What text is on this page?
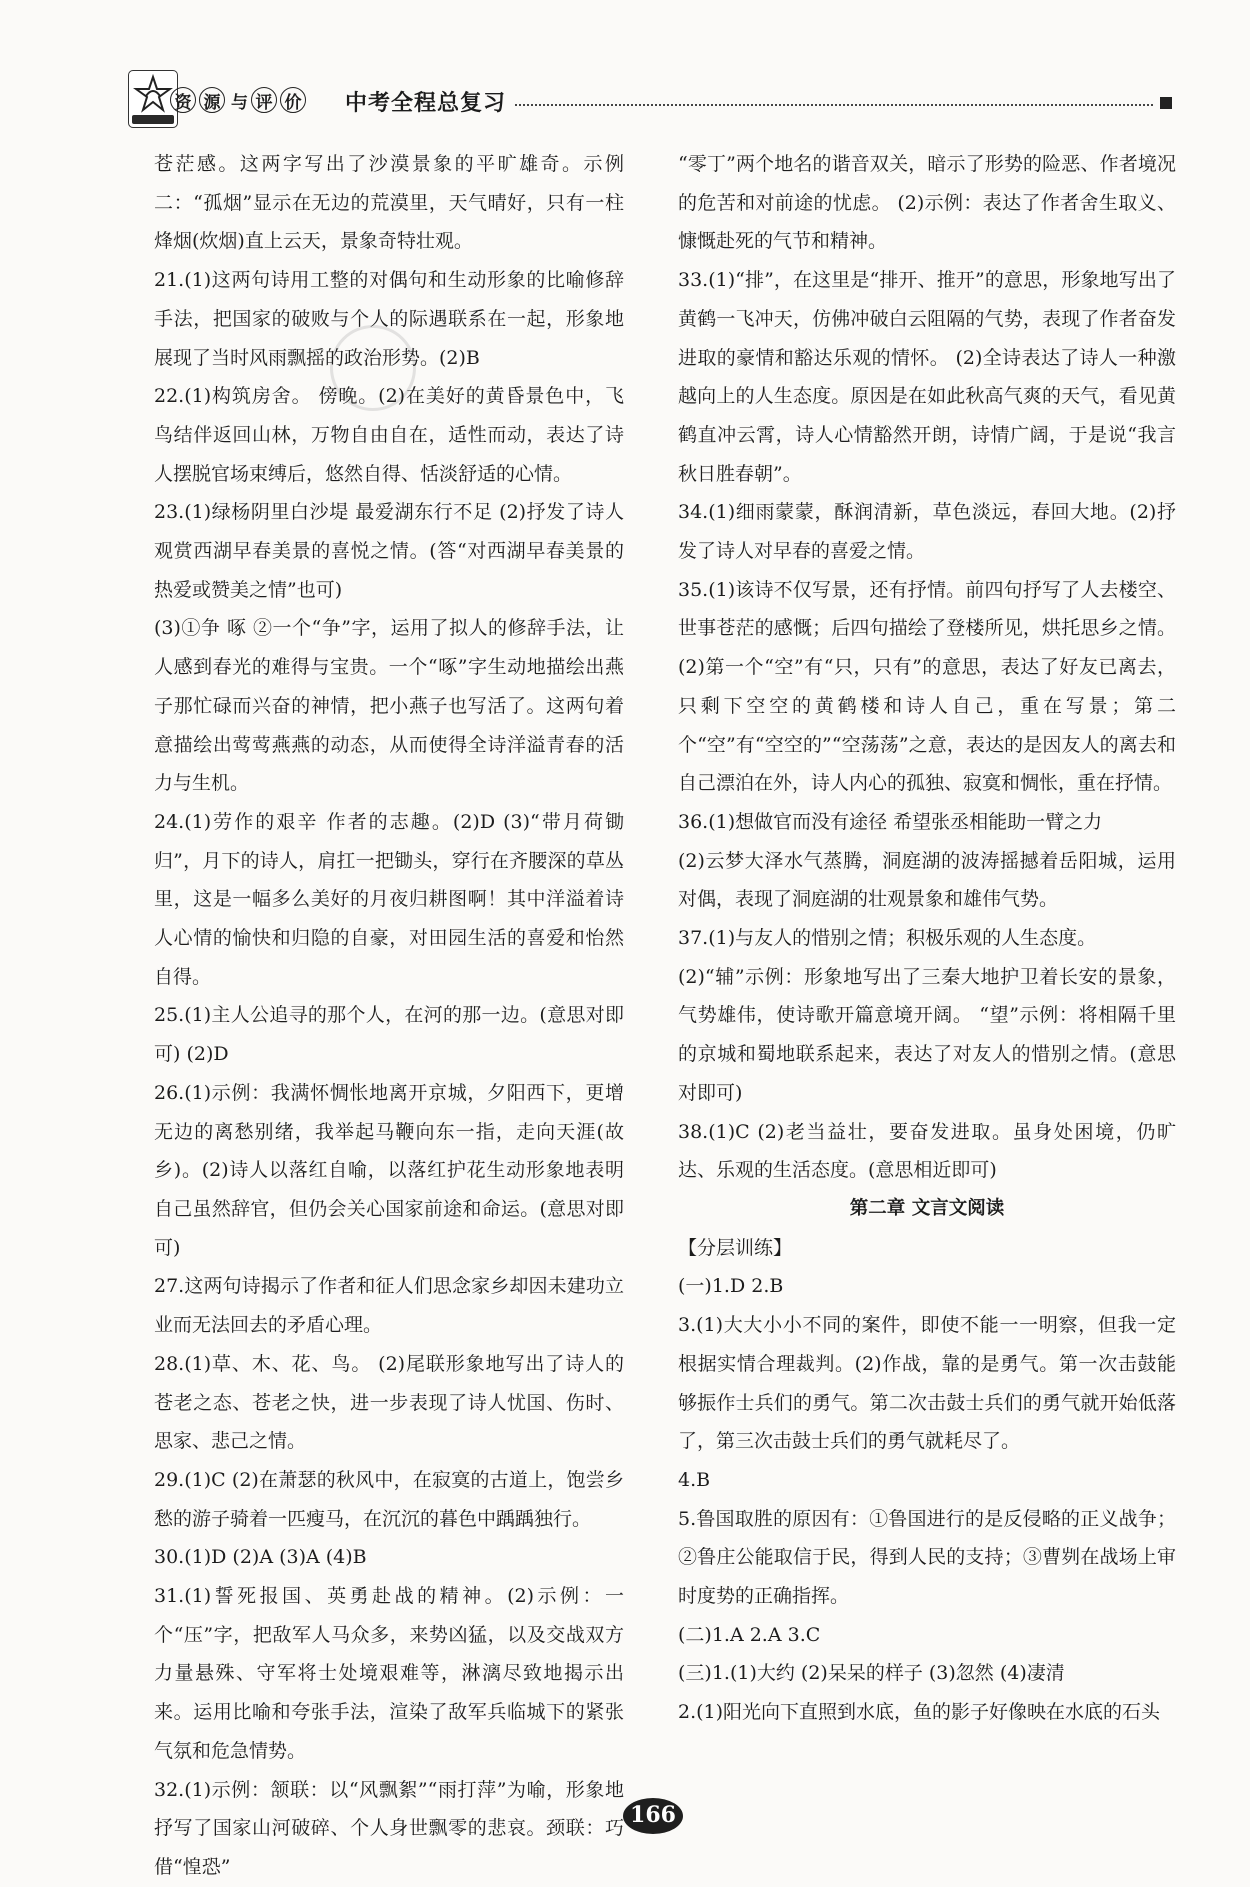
资 源 与 评 价 中考全程总复习

苍茫感。这两字写出了沙漠景象的平旷雄奇。示例二：“孤烟”显示在无边的荒漠里，天气晴好，只有一柱烽烟(炊烟)直上云天，景象奇特壮观。

21.(1)这两句诗用工整的对偶句和生动形象的比喻修辞手法，把国家的破败与个人的际遇联系在一起，形象地展现了当时风雨飘摇的政治形势。(2)B

22.(1)构筑房舍。 傍晚。(2)在美好的黄昏景色中，飞鸟结伴返回山林，万物自由自在，适性而动，表达了诗人摆脱官场束缚后，悠然自得、恬淡舒适的心情。

23.(1)绿杨阴里白沙堤 最爱湖东行不足 (2)抒发了诗人观赏西湖早春美景的喜悦之情。(答“对西湖早春美景的热爱或赞美之情”也可)

(3)①争 啄 ②一个“争”字，运用了拟人的修辞手法，让人感到春光的难得与宝贵。一个“啄”字生动地描绘出燕子那忙碌而兴奋的神情，把小燕子也写活了。这两句着意描绘出莺莺燕燕的动态，从而使得全诗洋溢青春的活力与生机。

24.(1)劳作的艰辛 作者的志趣。(2)D (3)“带月荷锄归”，月下的诗人，肩扛一把锄头，穿行在齐腰深的草丛里，这是一幅多么美好的月夜归耕图啊！其中洋溢着诗人心情的愉快和归隐的自豪，对田园生活的喜爱和怡然自得。

25.(1)主人公追寻的那个人，在河的那一边。(意思对即可) (2)D

26.(1)示例：我满怀惆怅地离开京城，夕阳西下，更增无边的离愁别绪，我举起马鞭向东一指，走向天涯(故乡)。(2)诗人以落红自喻，以落红护花生动形象地表明自己虽然辞官，但仍会关心国家前途和命运。(意思对即可)

27.这两句诗揭示了作者和征人们思念家乡却因未建功立业而无法回去的矛盾心理。

28.(1)草、木、花、鸟。 (2)尾联形象地写出了诗人的苍老之态、苍老之快，进一步表现了诗人忧国、伤时、思家、悲己之情。

29.(1)C (2)在萧瑟的秋风中，在寂寞的古道上，饱尝乡愁的游子骑着一匹瘦马，在沉沉的暮色中踽踽独行。

30.(1)D (2)A (3)A (4)B

31.(1)誓死报国、英勇赴战的精神。(2)示例：一个“压”字，把敌军人马众多，来势凶猛，以及交战双方力量悬殊、守军将士处境艰难等，淋漓尽致地揭示出来。运用比喻和夸张手法，渲染了敌军兵临城下的紧张气氛和危急情势。

32.(1)示例：颔联：以“风飘絮”“雨打萍”为喻，形象地抒写了国家山河破碎、个人身世飘零的悲哀。颈联：巧借“惶恐”

“零丁”两个地名的谐音双关，暗示了形势的险恶、作者境况的危苦和对前途的忧虑。 (2)示例：表达了作者舍生取义、慷慨赴死的气节和精神。

33.(1)“排”，在这里是“排开、推开”的意思，形象地写出了黄鹤一飞冲天，仿佛冲破白云阻隔的气势，表现了作者奋发进取的豪情和豁达乐观的情怀。 (2)全诗表达了诗人一种激越向上的人生态度。原因是在如此秋高气爽的天气，看见黄鹤直冲云霄，诗人心情豁然开朗，诗情广阔，于是说“我言秋日胜春朝”。

34.(1)细雨蒙蒙，酥润清新，草色淡远，春回大地。(2)抒发了诗人对早春的喜爱之情。

35.(1)该诗不仅写景，还有抒情。前四句抒写了人去楼空、世事苍茫的感慨；后四句描绘了登楼所见，烘托思乡之情。(2)第一个“空”有“只，只有”的意思，表达了好友已离去，只剩下空空的黄鹤楼和诗人自己，重在写景；第二个“空”有“空空的”“空荡荡”之意，表达的是因友人的离去和自己漂泊在外，诗人内心的孤独、寂寞和惆怅，重在抒情。

36.(1)想做官而没有途径 希望张丞相能助一臂之力

(2)云梦大泽水气蒸腾，洞庭湖的波涛摇撼着岳阳城，运用对偶，表现了洞庭湖的壮观景象和雄伟气势。

37.(1)与友人的惜别之情；积极乐观的人生态度。

(2)“辅”示例：形象地写出了三秦大地护卫着长安的景象，气势雄伟，使诗歌开篇意境开阔。 “望”示例：将相隔千里的京城和蜀地联系起来，表达了对友人的惜别之情。(意思对即可)

38.(1)C (2)老当益壮，要奋发进取。虽身处困境，仍旷达、乐观的生活态度。(意思相近即可)

第二章 文言文阅读

【分层训练】

(一)1.D 2.B

3.(1)大大小小不同的案件，即使不能一一明察，但我一定根据实情合理裁判。(2)作战，靠的是勇气。第一次击鼓能够振作士兵们的勇气。第二次击鼓士兵们的勇气就开始低落了，第三次击鼓士兵们的勇气就耗尽了。

4.B

5.鲁国取胜的原因有：①鲁国进行的是反侵略的正义战争；②鲁庄公能取信于民，得到人民的支持；③曹刿在战场上审时度势的正确指挥。

(二)1.A 2.A 3.C

(三)1.(1)大约 (2)呆呆的样子 (3)忽然 (4)凄清

2.(1)阳光向下直照到水底，鱼的影子好像映在水底的石头

166
